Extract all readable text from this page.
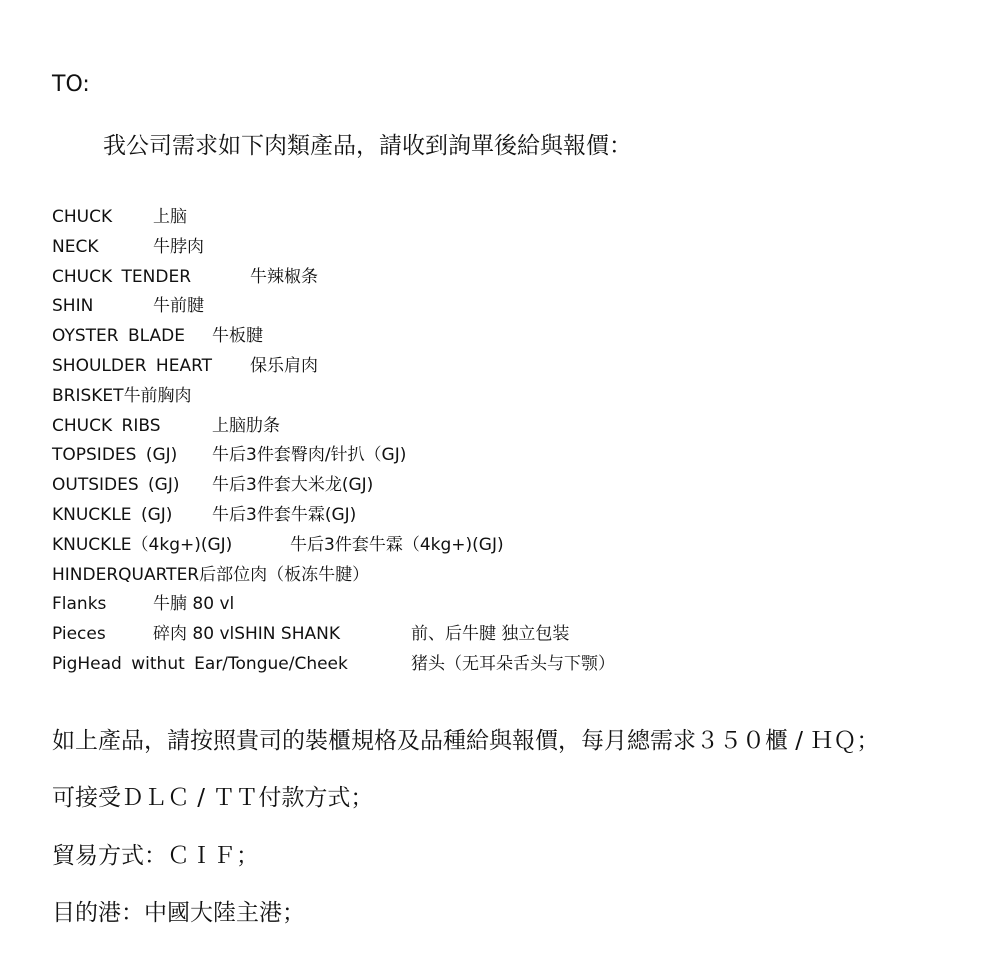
TO:
我公司需求如下肉類產品，請收到詢單後給與報價：
CHUCK 上脑
NECK	牛脖肉
CHUCK TENDER	牛辣椒条
SHIN	牛前腱
OYSTER BLADE 牛板腱
SHOULDER HEART 保乐肩肉
BRISKET牛前胸肉
CHUCK RIBS	上脑肋条
TOPSIDES (GJ) 牛后3件套臀肉/针扒（GJ)
OUTSIDES (GJ) 牛后3件套大米龙(GJ)
KNUCKLE (GJ) 牛后3件套牛霖(GJ)
KNUCKLE（4kg+)(GJ)	牛后3件套牛霖（4kg+)(GJ)
HINDERQUARTER后部位肉（板冻牛腱）
Flanks	牛腩 80 vl
Pieces	碎肉 80 vlSHIN SHANK	前、后牛腱 独立包装
PigHead withut Ear/Tongue/Cheek	猪头（无耳朵舌头与下颚）
如上產品，請按照貴司的裝櫃規格及品種給與報價，每月總需求３５０櫃 / ＨＱ；
可接受ＤＬＣ / ＴＴ付款方式；
貿易方式：ＣＩＦ；
目的港：中國大陸主港；
